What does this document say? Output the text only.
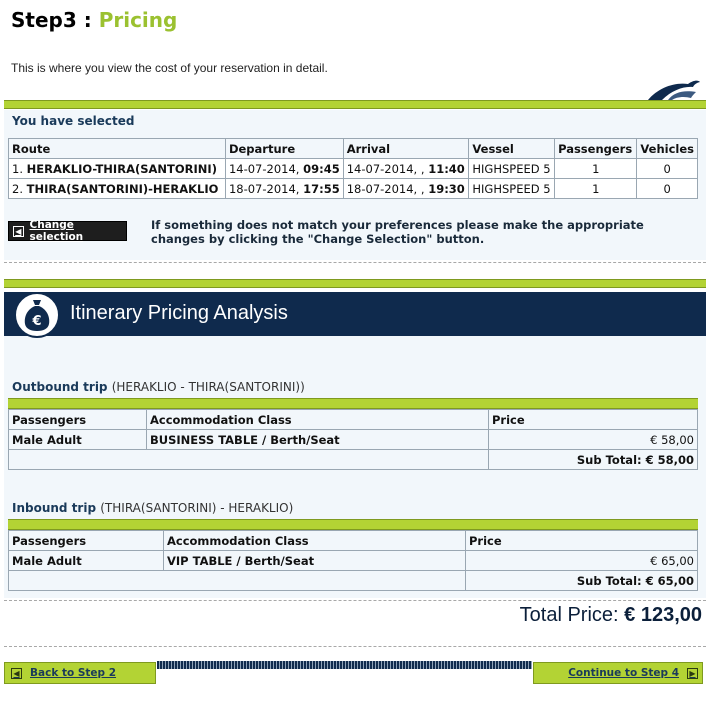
Step3 : Pricing
This is where you view the cost of your reservation in detail.
You have selected
Route	Departure	Arrival	Vessel	Passengers	Vehicles
1. HERAKLIO-THIRA(SANTORINI)	14-07-2014, 09:45	14-07-2014, , 11:40	HIGHSPEED 5	1	0
2. THIRA(SANTORINI)-HERAKLIO	18-07-2014, 17:55	18-07-2014, , 19:30	HIGHSPEED 5	1	0
◀ Change selection
If something does not match your preferences please make the appropriate changes by clicking the "Change Selection" button.
€ Itinerary Pricing Analysis
Outbound trip (HERAKLIO - THIRA(SANTORINI))
Passengers	Accommodation Class	Price
Male Adult	BUSINESS TABLE / Berth/Seat	€ 58,00
		Sub Total: € 58,00
Inbound trip (THIRA(SANTORINI) - HERAKLIO)
Passengers	Accommodation Class	Price
Male Adult	VIP TABLE / Berth/Seat	€ 65,00
		Sub Total: € 65,00
Total Price: € 123,00
◀ Back to Step 2	Continue to Step 4	▶
